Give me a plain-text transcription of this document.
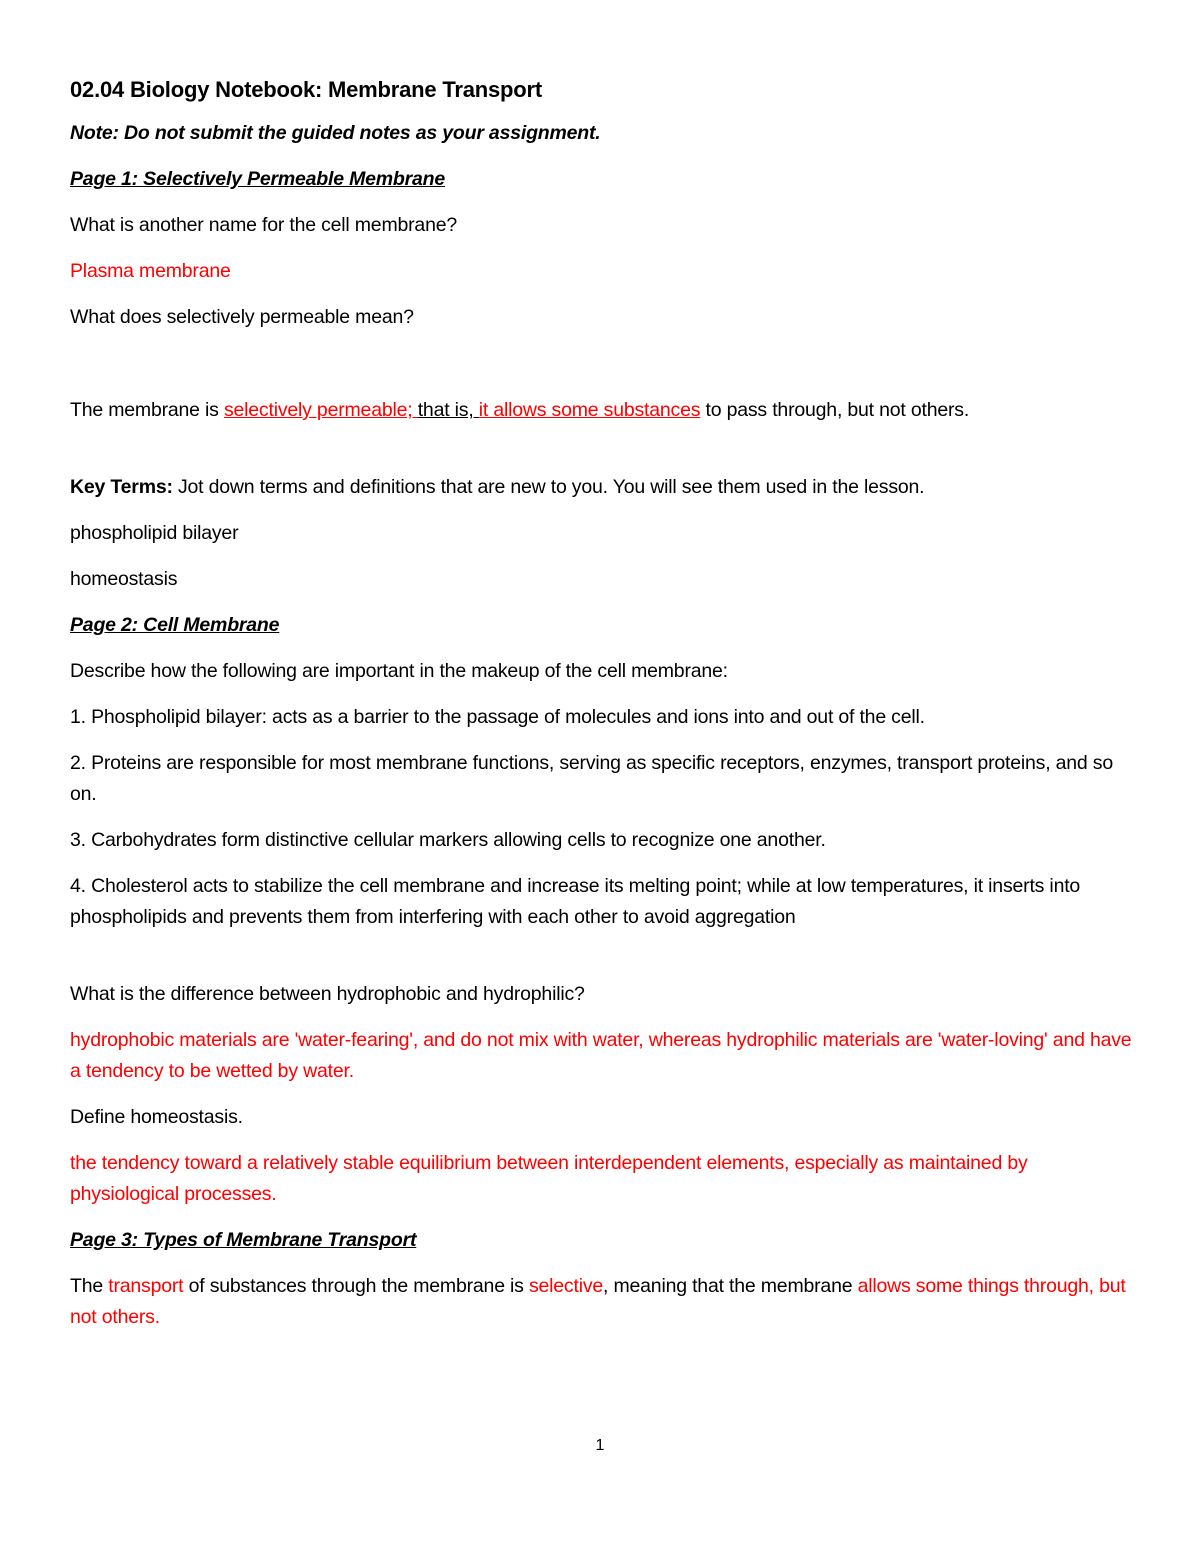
02.04 Biology Notebook: Membrane Transport
Note: Do not submit the guided notes as your assignment.
Page 1: Selectively Permeable Membrane
What is another name for the cell membrane?
Plasma membrane
What does selectively permeable mean?
The membrane is selectively permeable; that is, it allows some substances to pass through, but not others.
Key Terms: Jot down terms and definitions that are new to you. You will see them used in the lesson.
phospholipid bilayer
homeostasis
Page 2: Cell Membrane
Describe how the following are important in the makeup of the cell membrane:
1. Phospholipid bilayer: acts as a barrier to the passage of molecules and ions into and out of the cell.
2. Proteins are responsible for most membrane functions, serving as specific receptors, enzymes, transport proteins, and so on.
3. Carbohydrates form distinctive cellular markers allowing cells to recognize one another.
4. Cholesterol acts to stabilize the cell membrane and increase its melting point; while at low temperatures, it inserts into phospholipids and prevents them from interfering with each other to avoid aggregation
What is the difference between hydrophobic and hydrophilic?
hydrophobic materials are 'water-fearing', and do not mix with water, whereas hydrophilic materials are 'water-loving' and have a tendency to be wetted by water.
Define homeostasis.
the tendency toward a relatively stable equilibrium between interdependent elements, especially as maintained by physiological processes.
Page 3: Types of Membrane Transport
The transport of substances through the membrane is selective, meaning that the membrane allows some things through, but not others.
1
